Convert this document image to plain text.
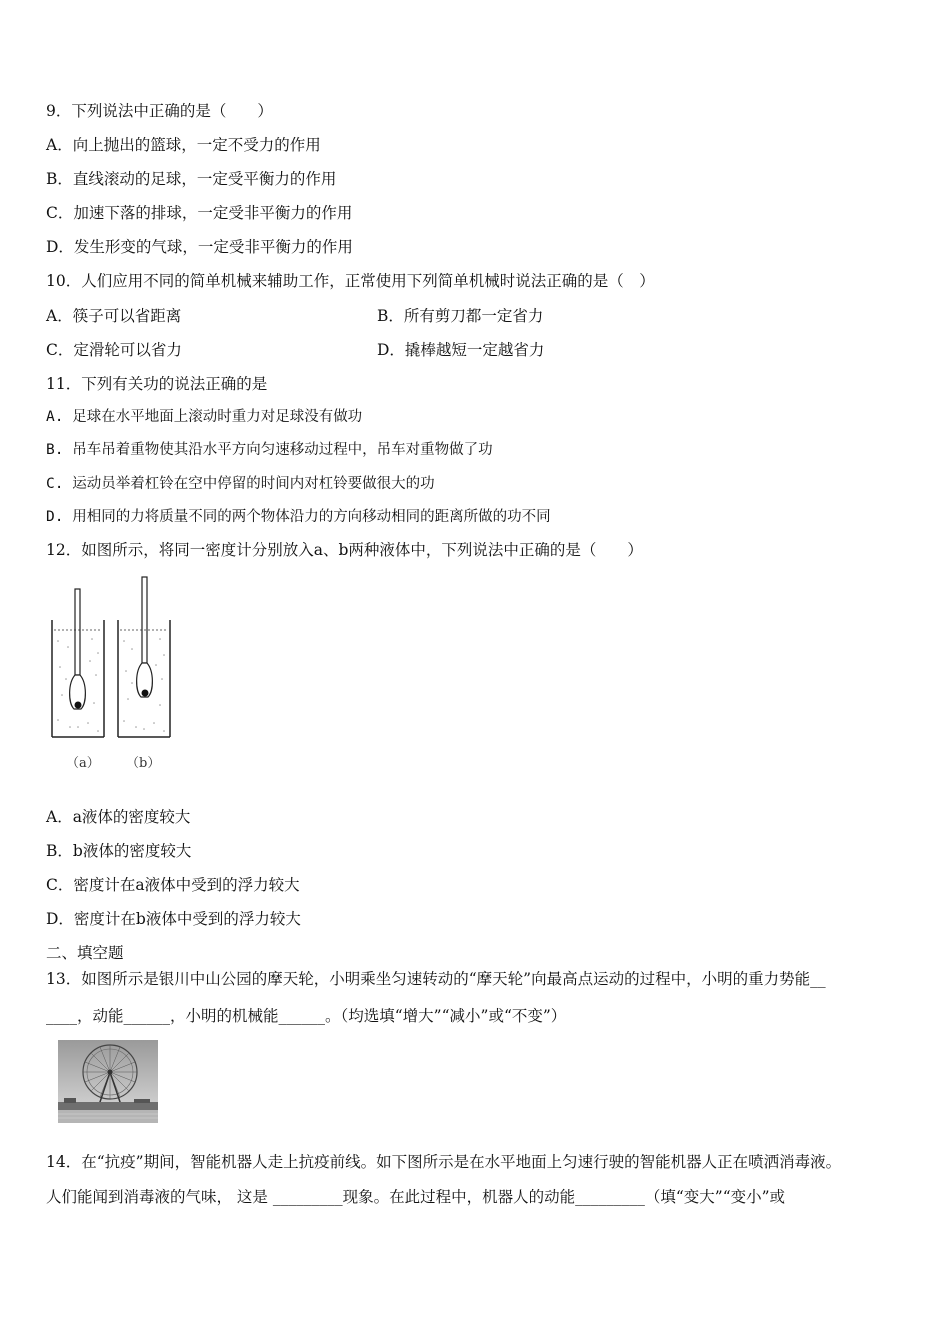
9．下列说法中正确的是（　　）
A．向上抛出的篮球，一定不受力的作用
B．直线滚动的足球，一定受平衡力的作用
C．加速下落的排球，一定受非平衡力的作用
D．发生形变的气球，一定受非平衡力的作用
10．人们应用不同的简单机械来辅助工作，正常使用下列简单机械时说法正确的是（　）
A．筷子可以省距离	B．所有剪刀都一定省力
C．定滑轮可以省力	D．撬棒越短一定越省力
11．下列有关功的说法正确的是
A. 足球在水平地面上滚动时重力对足球没有做功
B. 吊车吊着重物使其沿水平方向匀速移动过程中，吊车对重物做了功
C. 运动员举着杠铃在空中停留的时间内对杠铃要做很大的功
D. 用相同的力将质量不同的两个物体沿力的方向移动相同的距离所做的功不同
12．如图所示，将同一密度计分别放入a、b两种液体中，下列说法中正确的是（　　）
（a） （b）
A．a液体的密度较大
B．b液体的密度较大
C．密度计在a液体中受到的浮力较大
D．密度计在b液体中受到的浮力较大
二、填空题
13．如图所示是银川中山公园的摩天轮，小明乘坐匀速转动的“摩天轮”向最高点运动的过程中，小明的重力势能__
____，动能______，小明的机械能______。（均选填“增大”“减小”或“不变”）
14．在“抗疫”期间，智能机器人走上抗疫前线。如下图所示是在水平地面上匀速行驶的智能机器人正在喷洒消毒液。
人们能闻到消毒液的气味， 这是 _________现象。在此过程中，机器人的动能_________（填“变大”“变小”或
